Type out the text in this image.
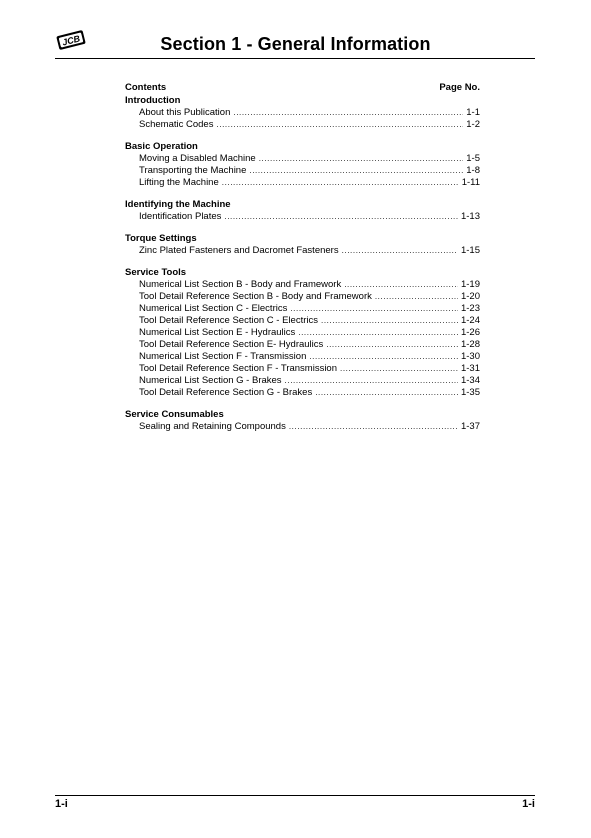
JCB	Section 1 - General Information
Contents	Page No.
Introduction
About this Publication .....	1-1
Schematic Codes .....	1-2
Basic Operation
Moving a Disabled Machine .....	1-5
Transporting the Machine .....	1-8
Lifting the Machine .....	1-11
Identifying the Machine
Identification Plates .....	1-13
Torque Settings
Zinc Plated Fasteners and Dacromet Fasteners .....	1-15
Service Tools
Numerical List Section B - Body and Framework .....	1-19
Tool Detail Reference Section B - Body and Framework .....	1-20
Numerical List Section C - Electrics .....	1-23
Tool Detail Reference Section C - Electrics .....	1-24
Numerical List Section E - Hydraulics .....	1-26
Tool Detail Reference Section E- Hydraulics .....	1-28
Numerical List Section F - Transmission .....	1-30
Tool Detail Reference Section F - Transmission .....	1-31
Numerical List Section G - Brakes .....	1-34
Tool Detail Reference Section G - Brakes .....	1-35
Service Consumables
Sealing and Retaining Compounds .....	1-37
1-i	1-i
